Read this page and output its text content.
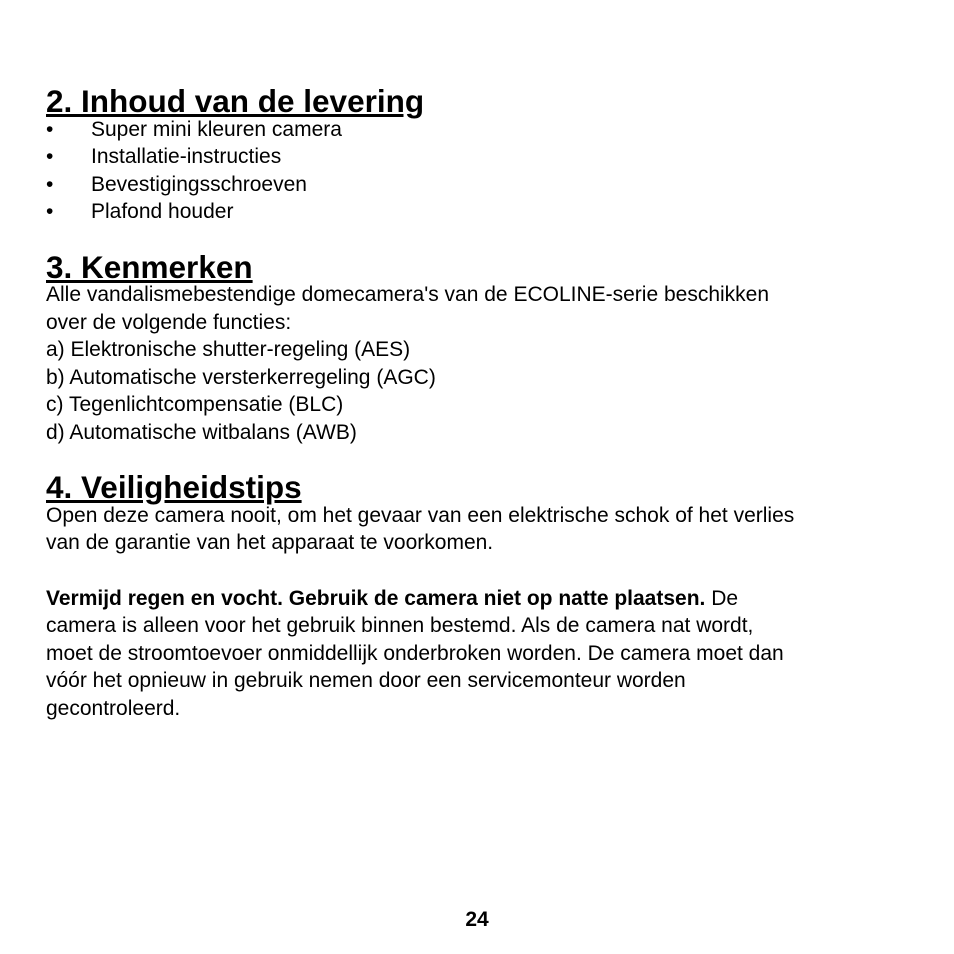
2. Inhoud van de levering
• Super mini kleuren camera
• Installatie-instructies
• Bevestigingsschroeven
• Plafond houder
3. Kenmerken

Alle vandalismebestendige domecamera's van de ECOLINE-serie beschikken
over de volgende functies:

a) Elektronische shutter-regeling (AES)
b) Automatische versterkerregeling (AGC)
c) Tegenlichtcompensatie (BLC)
d) Automatische witbalans (AWB)
4. Veiligheidstips

Open deze camera nooit, om het gevaar van een elektrische schok of het verlies
van de garantie van het apparaat te voorkomen.

Vermijd regen en vocht. Gebruik de camera niet op natte plaatsen. De
camera is alleen voor het gebruik binnen bestemd. Als de camera nat wordt,
moet de stroomtoevoer onmiddellijk onderbroken worden. De camera moet dan
vóór het opnieuw in gebruik nemen door een servicemonteur worden
gecontroleerd.

24
